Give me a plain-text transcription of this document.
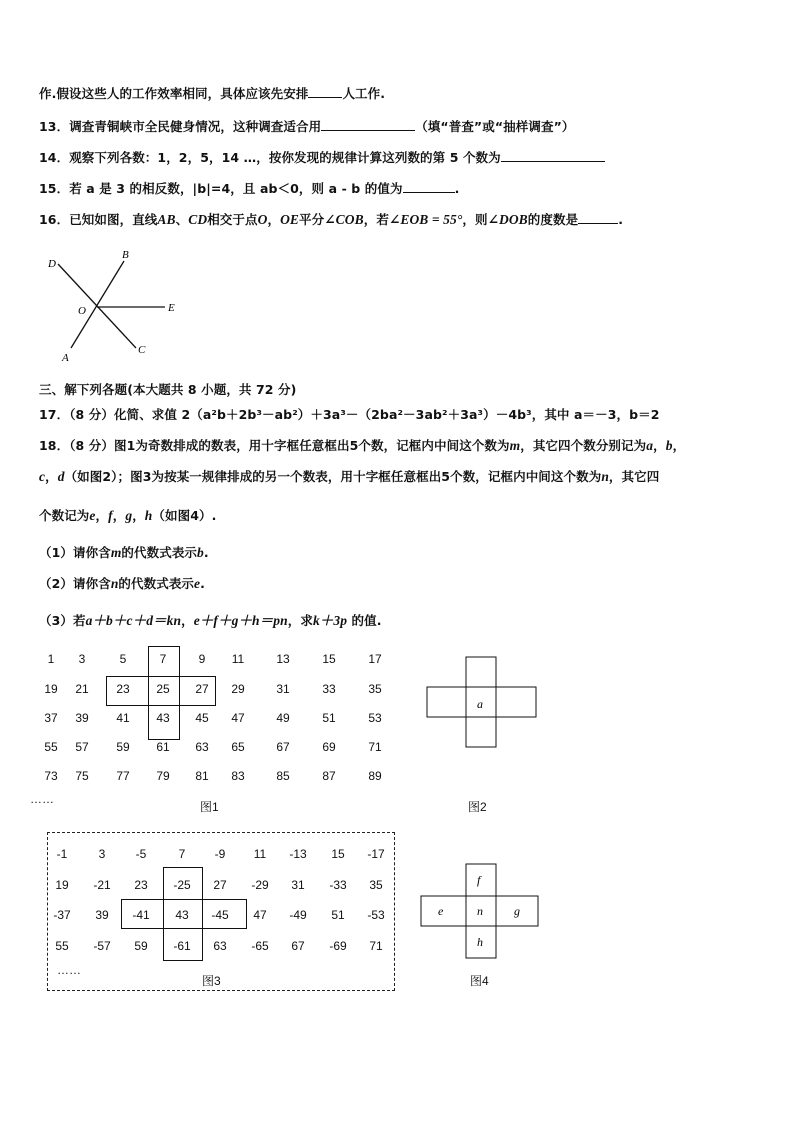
作.假设这些人的工作效率相同，具体应该先安排	人工作.
13．调查青铜峡市全民健身情况，这种调查适合用	（填“普查”或“抽样调查”）
14．观察下列各数：1，2，5，14 …，按你发现的规律计算这列数的第 5 个数为
15．若 a 是 3 的相反数，|b|=4，且 ab＜0，则 a - b 的值为	.
16．已知如图，直线AB、CD相交于点O，OE平分∠COB，若∠EOB = 55°，则∠DOB的度数是	.
D
B
O	E
A
C
三、解下列各题(本大题共 8 小题，共 72 分)
17．（8 分）化简、求值 2（a²b＋2b³－ab²）＋3a³－（2ba²－3ab²＋3a³）－4b³，其中 a＝－3，b＝2
18．（8 分）图1为奇数排成的数表，用十字框任意框出5个数，记框内中间这个数为m，其它四个数分别记为a，b，
c，d（如图2）；图3为按某一规律排成的另一个数表，用十字框任意框出5个数，记框内中间这个数为n，其它四
个数记为e，f，g，h（如图4）.
（1）请你含m的代数式表示b.
（2）请你含n的代数式表示e.
（3）若a＋b＋c＋d＝kn，e＋f＋g＋h＝pn，求k＋3p 的值.
……
图1
1	3	5	7	9	11	13	15	17
19	21	23	25	27	29	31	33	35
37	39	41	43	45	47	49	51	53
55	57	59	61	63	65	67	69	71
73	75	77	79	81	83	85	87	89
a
图2
……
图3
-1	3	-5	7	-9	11	-13	15	-17
19	-21	23	-25	27	-29	31	-33	35
-37	39	-41	43	-45	47	-49	51	-53
55	-57	59	-61	63	-65	67	-69	71
f
e	n	g
h
图4
